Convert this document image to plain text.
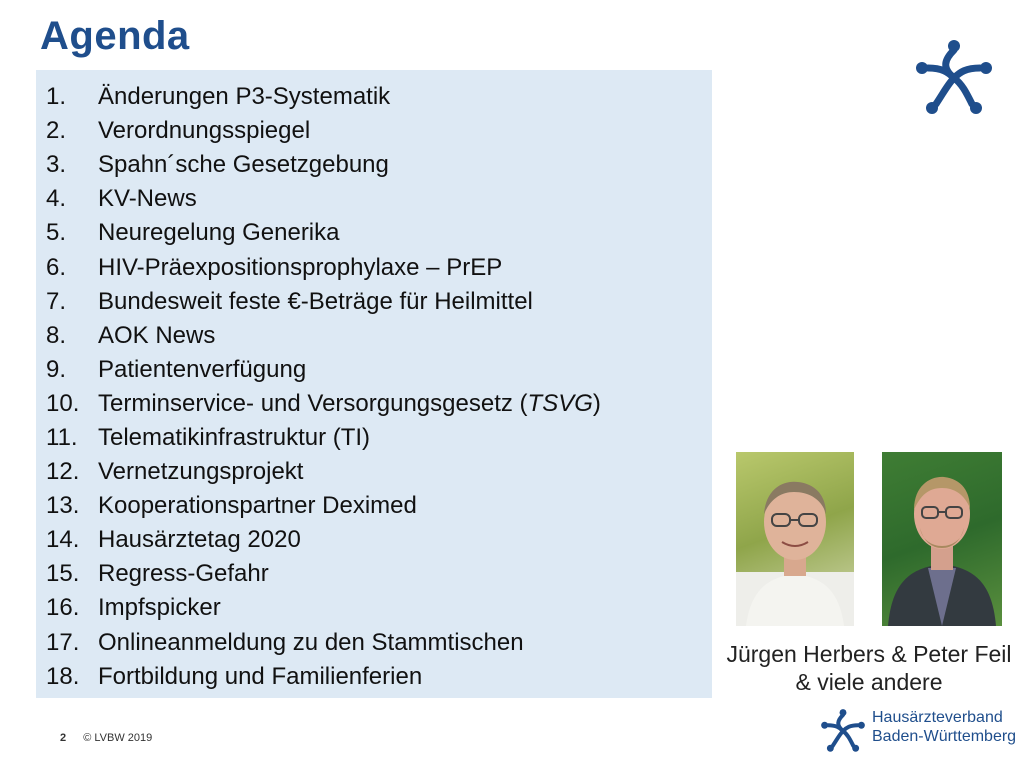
Agenda
1.	Änderungen P3-Systematik
2.	Verordnungsspiegel
3.	Spahn´sche Gesetzgebung
4.	KV-News
5.	Neuregelung Generika
6.	HIV-Präexpositionsprophylaxe – PrEP
7.	Bundesweit feste €-Beträge für Heilmittel
8.	AOK News
9.	Patientenverfügung
10. Terminservice- und Versorgungsgesetz (TSVG)
11. Telematikinfrastruktur (TI)
12. Vernetzungsprojekt
13. Kooperationspartner Deximed
14. Hausärztetag 2020
15. Regress-Gefahr
16. Impfspicker
17. Onlineanmeldung zu den Stammtischen
18. Fortbildung und Familienferien
Jürgen Herbers & Peter Feil
& viele andere
Hausärzteverband
Baden-Württemberg
2 © LVBW 2019
